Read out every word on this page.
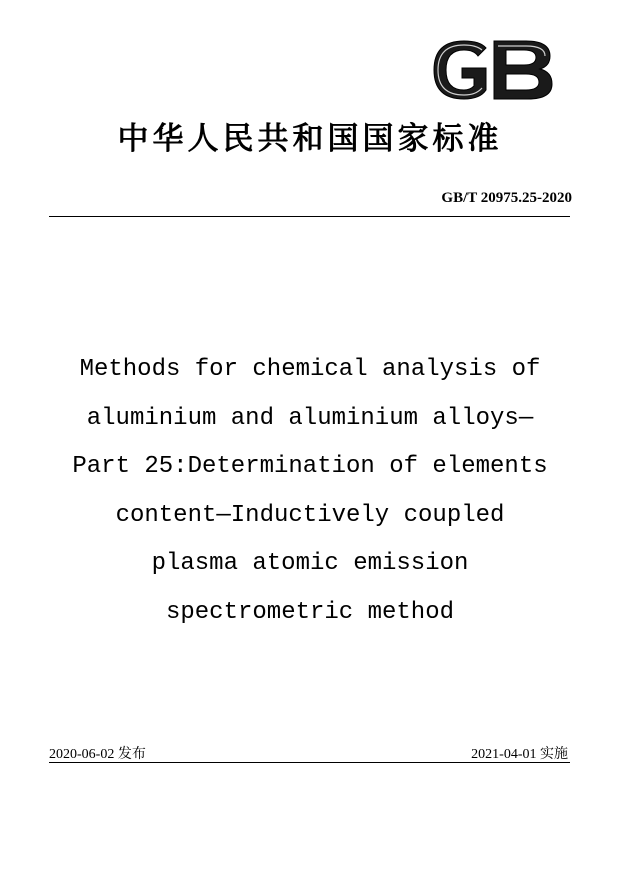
中华人民共和国国家标准
GB/T 20975.25-2020
Methods for chemical analysis of
aluminium and aluminium alloys—
Part 25:Determination of elements
content—Inductively coupled
plasma atomic emission
spectrometric method
2020-06-02 发布	2021-04-01 实施
